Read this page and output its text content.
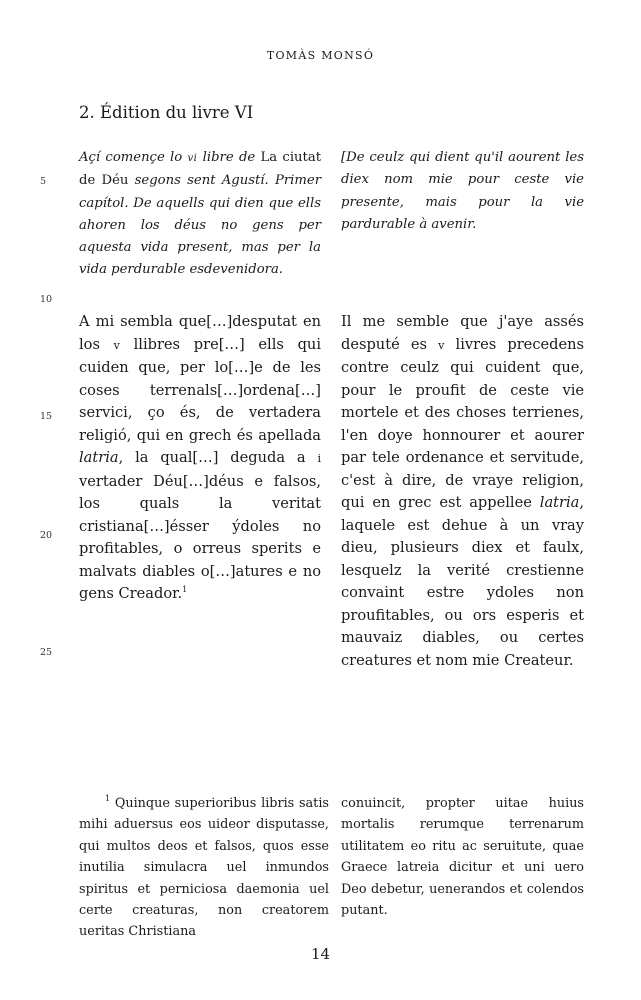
TOMÀS MONSÓ
2. Édition du livre VI
5
10
15
20
25
Açí començe lo vi libre de La ciutat de Déu segons sent Agustí. Primer capítol. De aquells qui dien que ells ahoren los déus no gens per aquesta vida present, mas per la vida perdurable esdevenidora.
[De ceulz qui dient qu'il aourent les diex nom mie pour ceste vie presente, mais pour la vie pardurable à avenir.
A mi sembla que[…]desputat en los v llibres pre[…] ells qui cuiden que, per lo[…]e de les coses terrenals[…]ordena[…] servici, ço és, de vertadera religió, qui en grech és apellada latria, la qual[…] deguda a i vertader Déu[…]déus e falsos, los quals la veritat cristiana[…]ésser ýdoles no profitables, o orreus sperits e malvats diables o[…]atures e no gens Creador.$^1$
Il me semble que j'aye assés desputé es v livres precedens contre ceulz qui cuident que, pour le proufit de ceste vie mortele et des choses terrienes, l'en doye honnourer et aourer par tele ordenance et servitude, c'est à dire, de vraye religion, qui en grec est appellee latria, laquele est dehue à un vray dieu, plusieurs diex et faulx, lesquelz la verité crestienne convaint estre ydoles non proufitables, ou ors esperis et mauvaiz diables, ou certes creatures et nom mie Createur.
$^1$ Quinque superioribus libris satis mihi aduersus eos uideor disputasse, qui multos deos et falsos, quos esse inutilia simulacra uel inmundos spiritus et perniciosa daemonia uel certe creaturas, non creatorem ueritas Christiana
conuincit, propter uitae huius mortalis rerumque terrenarum utilitatem eo ritu ac seruitute, quae Graece latreia dicitur et uni uero Deo debetur, uenerandos et colendos putant.
14
